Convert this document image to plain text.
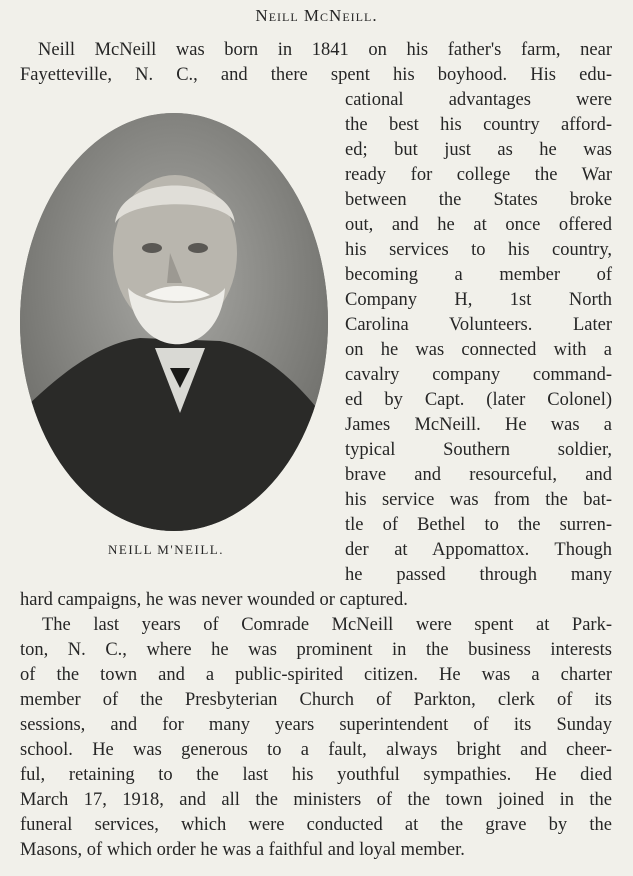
Neill McNeill.
Neill McNeill was born in 1841 on his father's farm, near
Fayetteville, N. C., and there spent his boyhood. His edu-
cational advantages were
the best his country afford-
ed; but just as he was
ready for college the War
between the States broke
out, and he at once offered
his services to his country,
becoming a member of
Company H, 1st North
Carolina Volunteers. Later
on he was connected with a
cavalry company command-
ed by Capt. (later Colonel)
James McNeill. He was a
typical Southern soldier,
brave and resourceful, and
his service was from the bat-
tle of Bethel to the surren-
der at Appomattox. Though
he passed through many
NEILL M'NEILL.
hard campaigns, he was never wounded or captured.
The last years of Comrade McNeill were spent at Park-
ton, N. C., where he was prominent in the business interests
of the town and a public-spirited citizen. He was a charter
member of the Presbyterian Church of Parkton, clerk of its
sessions, and for many years superintendent of its Sunday
school. He was generous to a fault, always bright and cheer-
ful, retaining to the last his youthful sympathies. He died
March 17, 1918, and all the ministers of the town joined in the
funeral services, which were conducted at the grave by the
Masons, of which order he was a faithful and loyal member.
